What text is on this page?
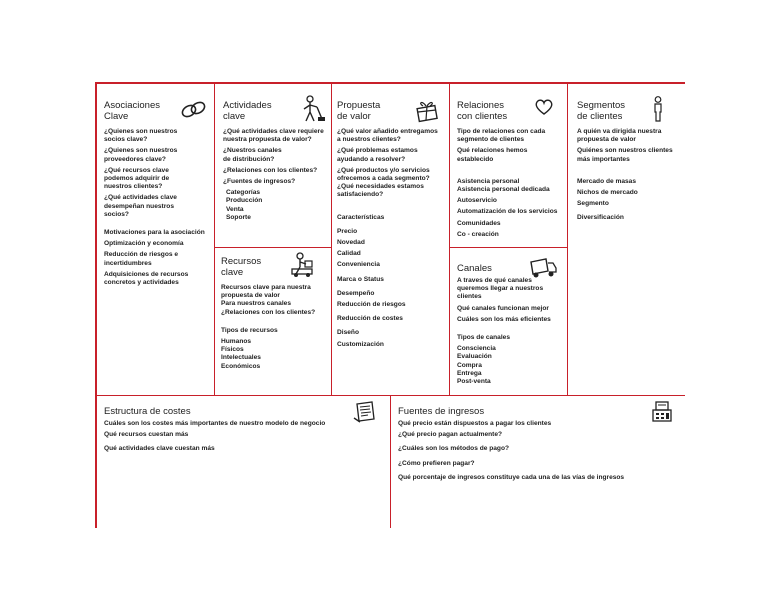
Asociaciones
Clave
¿Quienes son nuestros
socios clave?
¿Quienes son nuestros
proveedores clave?
¿Qué recursos clave
podemos adquirir de
nuestros clientes?
¿Qué actividades clave
desempeñan nuestros
socios?
Motivaciones para la asociación
Optimización y economía
Reducción de riesgos e
incertidumbres
Adquisiciones de recursos
concretos y actividades
Actividades
clave
¿Qué actividades clave requiere
nuestra propuesta de valor?
¿Nuestros canales
de distribución?
¿Relaciones con los clientes?
¿Fuentes de ingresos?
Categorías
Producción
Venta
Soporte
Recursos
clave
Recursos clave para nuestra
propuesta de valor
Para nuestros canales
¿Relaciones con los clientes?
Tipos de recursos
Humanos
Físicos
Intelectuales
Económicos
Propuesta
de valor
¿Qué valor añadido entregamos
a nuestros clientes?
¿Qué problemas estamos
ayudando a resolver?
¿Qué productos y/o servicios
ofrecemos a cada segmento?
¿Qué necesidades estamos
satisfaciendo?
Características
Precio
Novedad
Calidad
Conveniencia
Marca o Status
Desempeño
Reducción de riesgos
Reducción de costes
Diseño
Customización
Relaciones
con clientes
Tipo de relaciones con cada
segmento de clientes
Qué relaciones hemos
establecido
Asistencia personal
Asistencia personal dedicada
Autoservicio
Automatización de los servicios
Comunidades
Co - creación
Canales
A traves de qué canales
queremos llegar a nuestros
clientes
Qué canales funcionan mejor
Cuáles son los más eficientes
Tipos de canales
Consciencia
Evaluación
Compra
Entrega
Post-venta
Segmentos
de clientes
A quién va dirigida nuestra
propuesta de valor
Quiénes son nuestros clientes
más importantes
Mercado de masas
Nichos de mercado
Segmento
Diversificación
Estructura de costes
Cuáles son los costes más importantes de nuestro modelo de negocio
Qué recursos cuestan más
Qué actividades clave cuestan más
Fuentes de ingresos
Qué precio están dispuestos a pagar los clientes
¿Qué precio pagan actualmente?
¿Cuáles son los métodos de pago?
¿Cómo prefieren pagar?
Qué porcentaje de ingresos constituye cada una de las vías de ingresos
